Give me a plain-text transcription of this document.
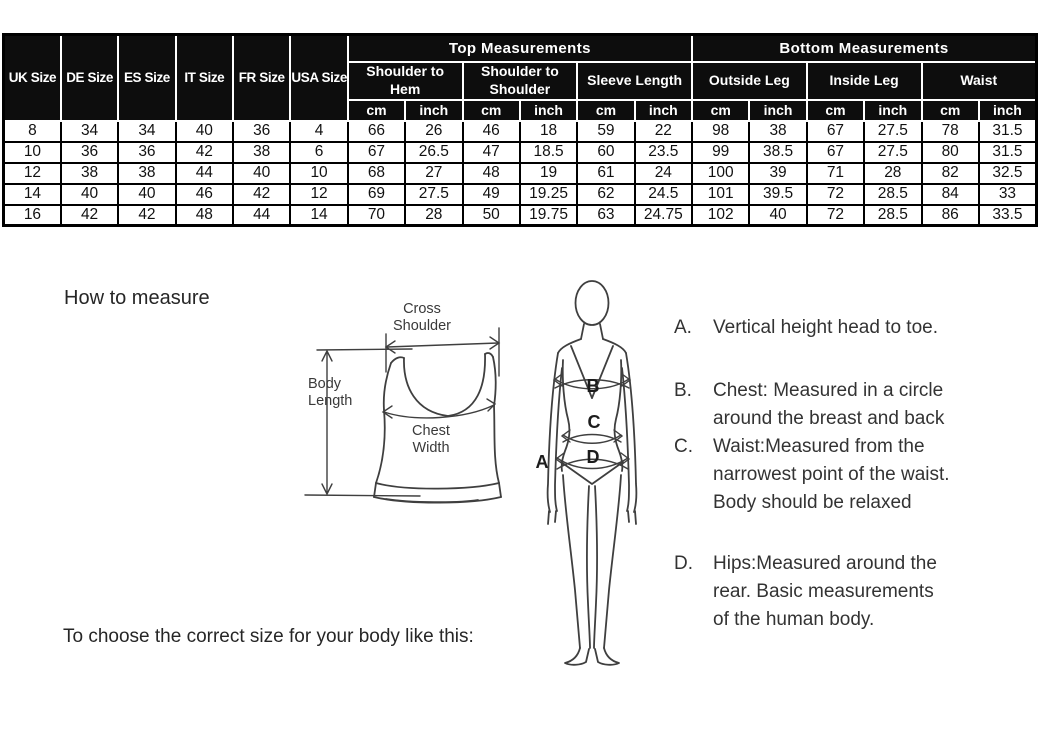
UK Size	DE Size	ES Size	IT Size	FR Size	USA Size	Top Measurements						Bottom Measurements					
						Shoulder to Hem		Shoulder to Shoulder		Sleeve Length		Outside Leg		Inside Leg		Waist	
						cm	inch	cm	inch	cm	inch	cm	inch	cm	inch	cm	inch
8	34	34	40	36	4	66	26	46	18	59	22	98	38	67	27.5	78	31.5
10	36	36	42	38	6	67	26.5	47	18.5	60	23.5	99	38.5	67	27.5	80	31.5
12	38	38	44	40	10	68	27	48	19	61	24	100	39	71	28	82	32.5
14	40	40	46	42	12	69	27.5	49	19.25	62	24.5	101	39.5	72	28.5	84	33
16	42	42	48	44	14	70	28	50	19.75	63	24.75	102	40	72	28.5	86	33.5
How to measure	Cross
Shoulder
Body
Length
Chest
Width
A
B
C
D
A.	Vertical height head to toe.
B.	Chest: Measured in a circle
around the breast and back
C.	Waist:Measured from the
narrowest point of the waist.
Body should be relaxed
D.	Hips:Measured around the
rear. Basic measurements
of the human body.
To choose the correct size for your body like this:
